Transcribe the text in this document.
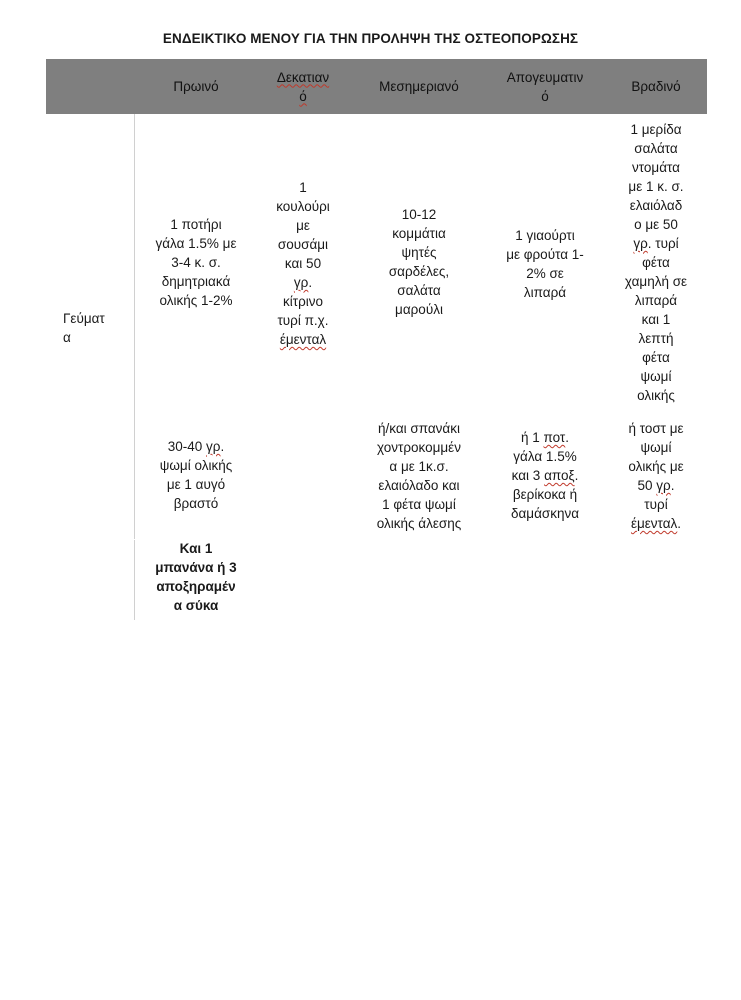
ΕΝΔΕΙΚΤΙΚΟ ΜΕΝΟΥ ΓΙΑ ΤΗΝ ΠΡΟΛΗΨΗ ΤΗΣ ΟΣΤΕΟΠΟΡΩΣΗΣ
Πρωινό
Δεκατιαν
ό
Μεσημεριανό
Απογευματιν
ό
Βραδινό
Γεύματ
α
1 ποτήρι
γάλα 1.5% με
3-4 κ. σ.
δημητριακά
ολικής 1-2%
30-40 γρ.
ψωμί ολικής
με 1 αυγό
βραστό
Και 1
μπανάνα ή 3
αποξηραμέν
α σύκα
1
κουλούρι
με
σουσάμι
και 50
γρ.
κίτρινο
τυρί π.χ.
έμενταλ
10-12
κομμάτια
ψητές
σαρδέλες,
σαλάτα
μαρούλι
ή/και σπανάκι
χοντροκομμέν
α με 1κ.σ.
ελαιόλαδο και
1 φέτα ψωμί
ολικής άλεσης
1 γιαούρτι
με φρούτα 1-
2% σε
λιπαρά
ή 1 ποτ.
γάλα 1.5%
και 3 αποξ.
βερίκοκα ή
δαμάσκηνα
1 μερίδα
σαλάτα
ντομάτα
με 1 κ. σ.
ελαιόλαδ
ο με 50
γρ. τυρί
φέτα
χαμηλή σε
λιπαρά
και 1
λεπτή
φέτα
ψωμί
ολικής
ή τοστ με
ψωμί
ολικής με
50 γρ.
τυρί
έμενταλ.
